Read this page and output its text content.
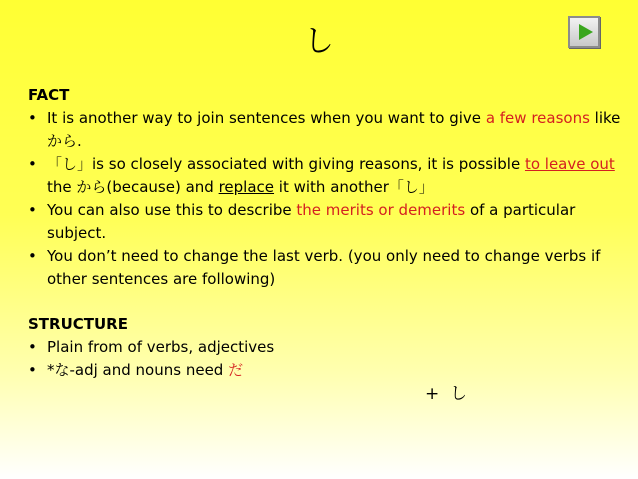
し

FACT

• It is another way to join sentences when you want to give a few reasons like から.
• 「し」is so closely associated with giving reasons, it is possible to leave out the から(because) and replace it with another「し」
• You can also use this to describe the merits or demerits of a particular subject.
• You don’t need to change the last verb. (you only need to change verbs if other sentences are following)

STRUCTURE

• Plain from of verbs, adjectives
• *な-adj and nouns need だ
+  し
